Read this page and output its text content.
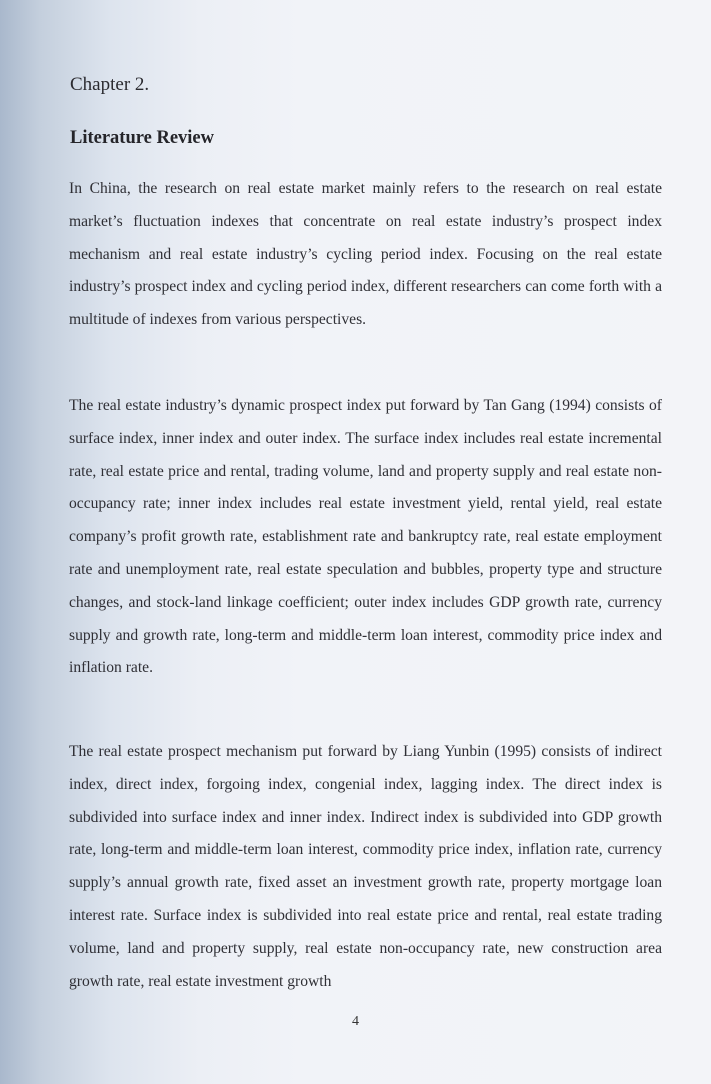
Chapter 2.
Literature Review

In China, the research on real estate market mainly refers to the research on real estate market’s fluctuation indexes that concentrate on real estate industry’s prospect index mechanism and real estate industry’s cycling period index. Focusing on the real estate industry’s prospect index and cycling period index, different researchers can come forth with a multitude of indexes from various perspectives.

The real estate industry’s dynamic prospect index put forward by Tan Gang (1994) consists of surface index, inner index and outer index. The surface index includes real estate incremental rate, real estate price and rental, trading volume, land and property supply and real estate non-occupancy rate; inner index includes real estate investment yield, rental yield, real estate company’s profit growth rate, establishment rate and bankruptcy rate, real estate employment rate and unemployment rate, real estate speculation and bubbles, property type and structure changes, and stock-land linkage coefficient; outer index includes GDP growth rate, currency supply and growth rate, long-term and middle-term loan interest, commodity price index and inflation rate.

The real estate prospect mechanism put forward by Liang Yunbin (1995) consists of indirect index, direct index, forgoing index, congenial index, lagging index. The direct index is subdivided into surface index and inner index. Indirect index is subdivided into GDP growth rate, long-term and middle-term loan interest, commodity price index, inflation rate, currency supply’s annual growth rate, fixed asset an investment growth rate, property mortgage loan interest rate. Surface index is subdivided into real estate price and rental, real estate trading volume, land and property supply, real estate non-occupancy rate, new construction area growth rate, real estate investment growth

4
